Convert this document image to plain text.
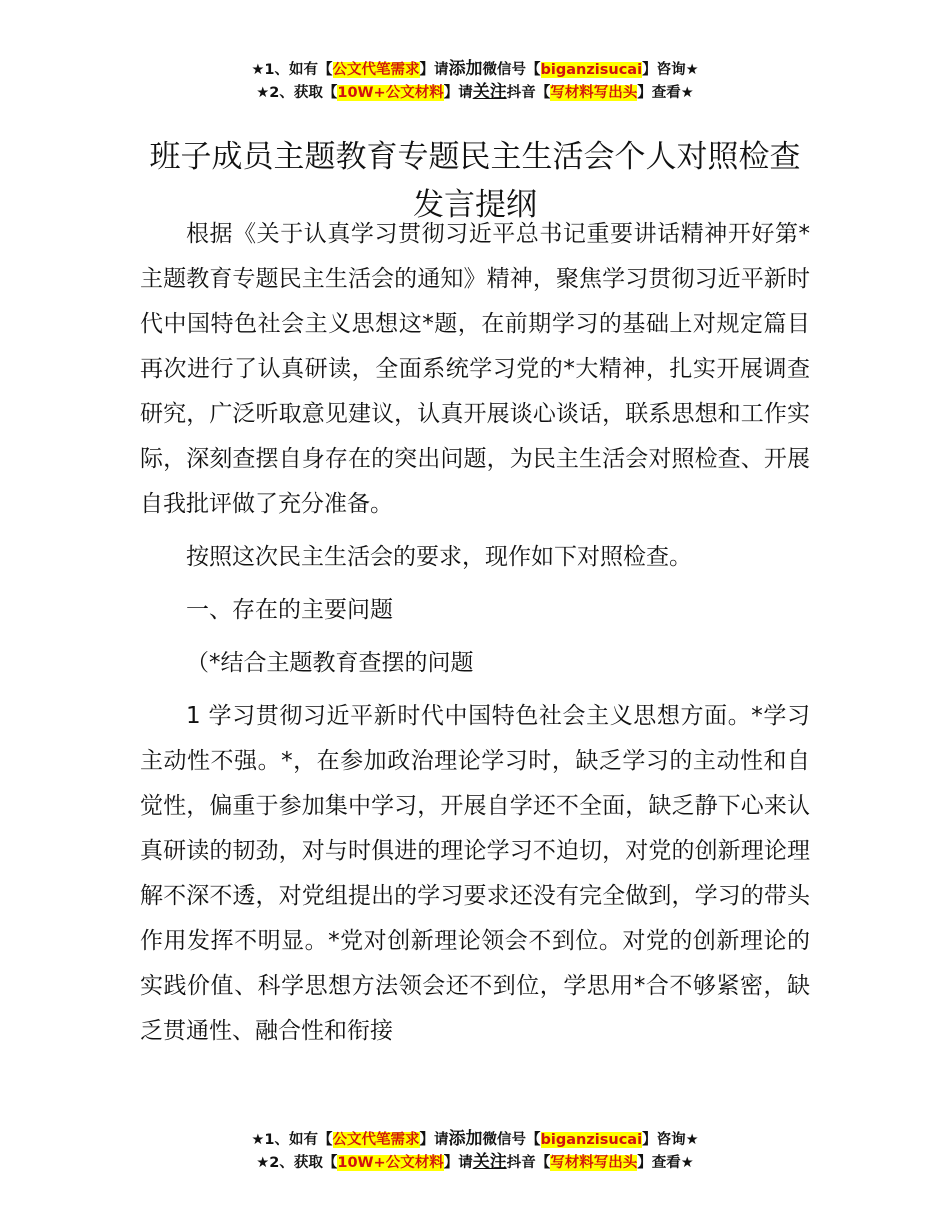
★1、如有【公文代笔需求】请添加微信号【biganzisucai】咨询★
★2、获取【10W+公文材料】请关注抖音【写材料写出头】查看★
班子成员主题教育专题民主生活会个人对照检查发言提纲

根据《关于认真学习贯彻习近平总书记重要讲话精神开好第*主题教育专题民主生活会的通知》精神，聚焦学习贯彻习近平新时代中国特色社会主义思想这*题，在前期学习的基础上对规定篇目再次进行了认真研读，全面系统学习党的*大精神，扎实开展调查研究，广泛听取意见建议，认真开展谈心谈话，联系思想和工作实际，深刻查摆自身存在的突出问题，为民主生活会对照检查、开展自我批评做了充分准备。

按照这次民主生活会的要求，现作如下对照检查。

一、存在的主要问题

（*结合主题教育查摆的问题

1 学习贯彻习近平新时代中国特色社会主义思想方面。*学习主动性不强。*，在参加政治理论学习时，缺乏学习的主动性和自觉性，偏重于参加集中学习，开展自学还不全面，缺乏静下心来认真研读的韧劲，对与时俱进的理论学习不迫切，对党的创新理论理解不深不透，对党组提出的学习要求还没有完全做到，学习的带头作用发挥不明显。*党对创新理论领会不到位。对党的创新理论的实践价值、科学思想方法领会还不到位，学思用*合不够紧密，缺乏贯通性、融合性和衔接

★1、如有【公文代笔需求】请添加微信号【biganzisucai】咨询★
★2、获取【10W+公文材料】请关注抖音【写材料写出头】查看★
